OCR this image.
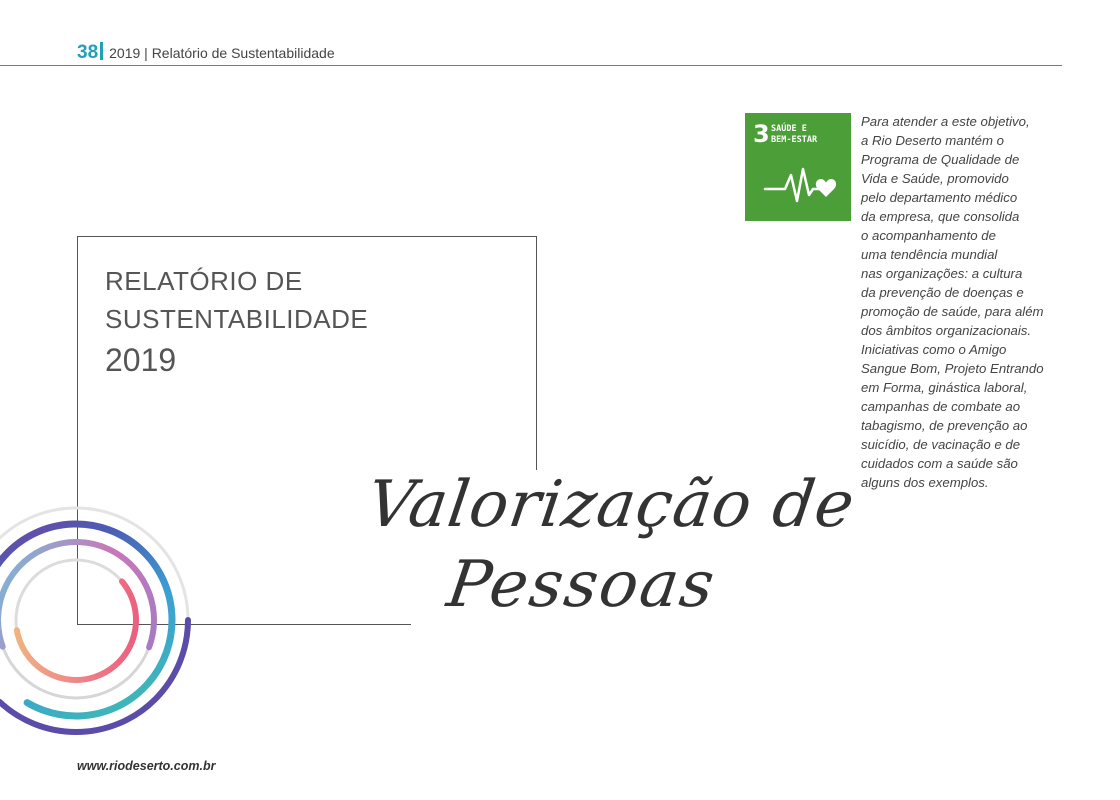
38 2019 | Relatório de Sustentabilidade
RELATÓRIO DE
SUSTENTABILIDADE
2019
Valorização de
Pessoas
3 SAÚDE E
BEM-ESTAR

Para atender a este objetivo,

a Rio Deserto mantém o

Programa de Qualidade de

Vida e Saúde, promovido

pelo departamento médico

da empresa, que consolida

o acompanhamento de

uma tendência mundial

nas organizações: a cultura

da prevenção de doenças e

promoção de saúde, para além

dos âmbitos organizacionais.

Iniciativas como o Amigo

Sangue Bom, Projeto Entrando

em Forma, ginástica laboral,

campanhas de combate ao

tabagismo, de prevenção ao

suicídio, de vacinação e de

cuidados com a saúde são

alguns dos exemplos.

www.riodeserto.com.br
